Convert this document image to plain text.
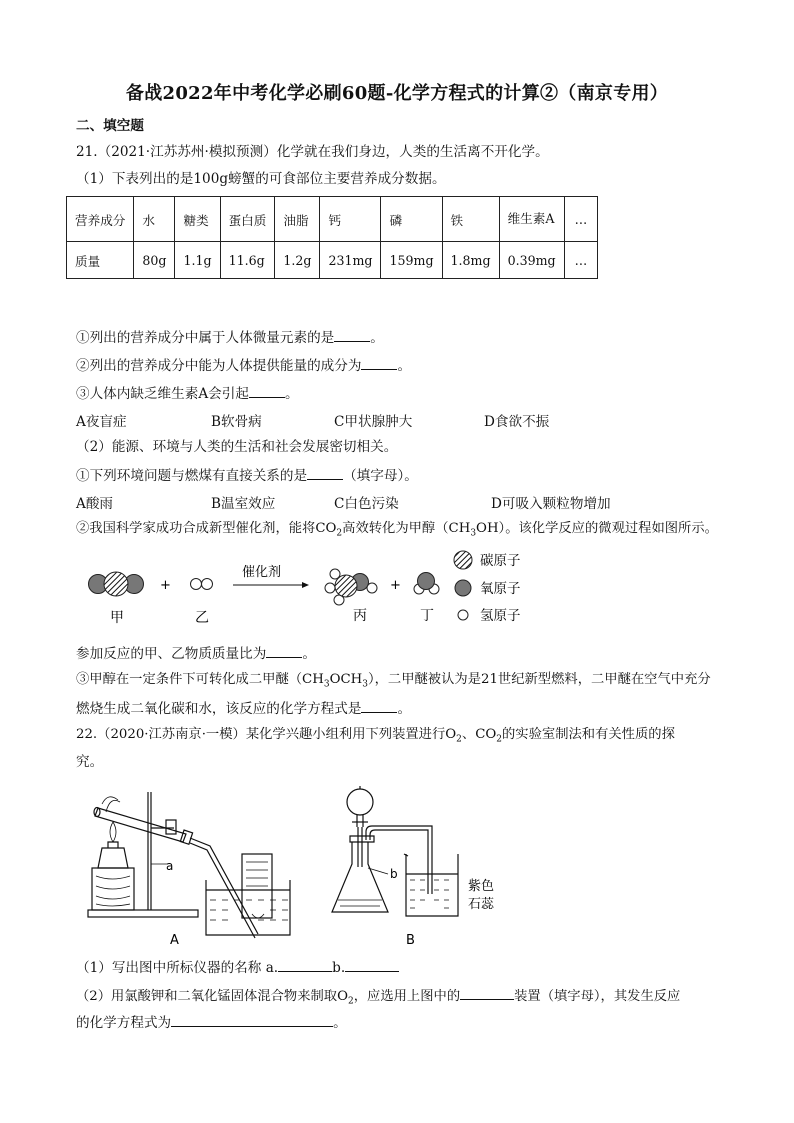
备战2022年中考化学必刷60题-化学方程式的计算②（南京专用）
二、填空题
21.（2021·江苏苏州·模拟预测）化学就在我们身边，人类的生活离不开化学。
（1）下表列出的是100g螃蟹的可食部位主要营养成分数据。
营养成分	水	糖类	蛋白质	油脂	钙	磷	铁	维生素A	…
质量	80g	1.1g	11.6g	1.2g	231mg	159mg	1.8mg	0.39mg	…
①列出的营养成分中属于人体微量元素的是	。
②列出的营养成分中能为人体提供能量的成分为	。
③人体内缺乏维生素A会引起	。
A夜盲症	B软骨病	C甲状腺肿大	D食欲不振
（2）能源、环境与人类的生活和社会发展密切相关。
①下列环境问题与燃煤有直接关系的是	（填字母）。
A酸雨	B温室效应	C白色污染	D可吸入颗粒物增加
②我国科学家成功合成新型催化剂，能将$CO_2$高效转化为甲醇$(CH_3OH)$。该化学反应的微观过程如图所示。
+
催化剂
+
碳原子
氧原子
氢原子
甲	乙	丙	丁
参加反应的甲、乙物质质量比为	。
③甲醇在一定条件下可转化成二甲醚$(CH_3OCH_3)$，二甲醚被认为是21世纪新型燃料，二甲醚在空气中充分
燃烧生成二氧化碳和水，该反应的化学方程式是	。
22.（2020·江苏南京·一模）某化学兴趣小组利用下列装置进行$O_2$、$CO_2$的实验室制法和有关性质的探
究。
a
A
b
紫色
石蕊
B
（1）写出图中所标仪器的名称 a.	b.
（2）用氯酸钾和二氧化锰固体混合物来制取$O_2$，应选用上图中的	装置（填字母），其发生反应
的化学方程式为	。
